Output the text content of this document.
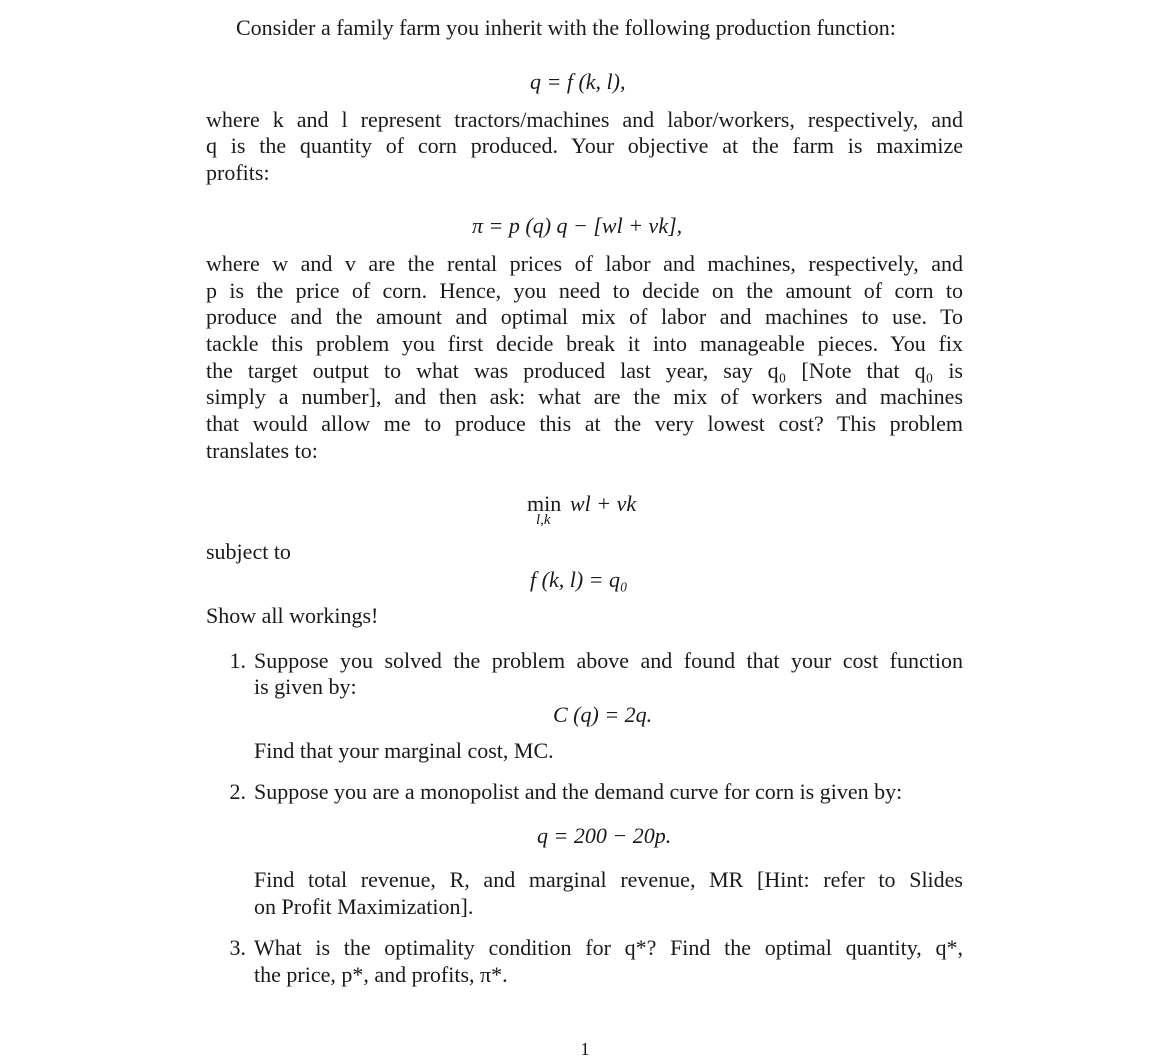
Consider a family farm you inherit with the following production function:
q = f (k, l),
where k and l represent tractors/machines and labor/workers, respectively, and
q is the quantity of corn produced. Your objective at the farm is maximize
profits:
π = p (q) q − [wl + vk],
where w and v are the rental prices of labor and machines, respectively, and
p is the price of corn. Hence, you need to decide on the amount of corn to
produce and the amount and optimal mix of labor and machines to use. To
tackle this problem you first decide break it into manageable pieces. You fix
the target output to what was produced last year, say q₀ [Note that q₀ is
simply a number], and then ask: what are the mix of workers and machines
that would allow me to produce this at the very lowest cost? This problem
translates to:
min wl + vk
l,k
subject to
f (k, l) = q₀
Show all workings!
1. Suppose you solved the problem above and found that your cost function
is given by:
C (q) = 2q.
Find that your marginal cost, MC.
2. Suppose you are a monopolist and the demand curve for corn is given by:
q = 200 − 20p.
Find total revenue, R, and marginal revenue, MR [Hint: refer to Slides
on Profit Maximization].
3. What is the optimality condition for q*? Find the optimal quantity, q*,
the price, p*, and profits, π*.
1
